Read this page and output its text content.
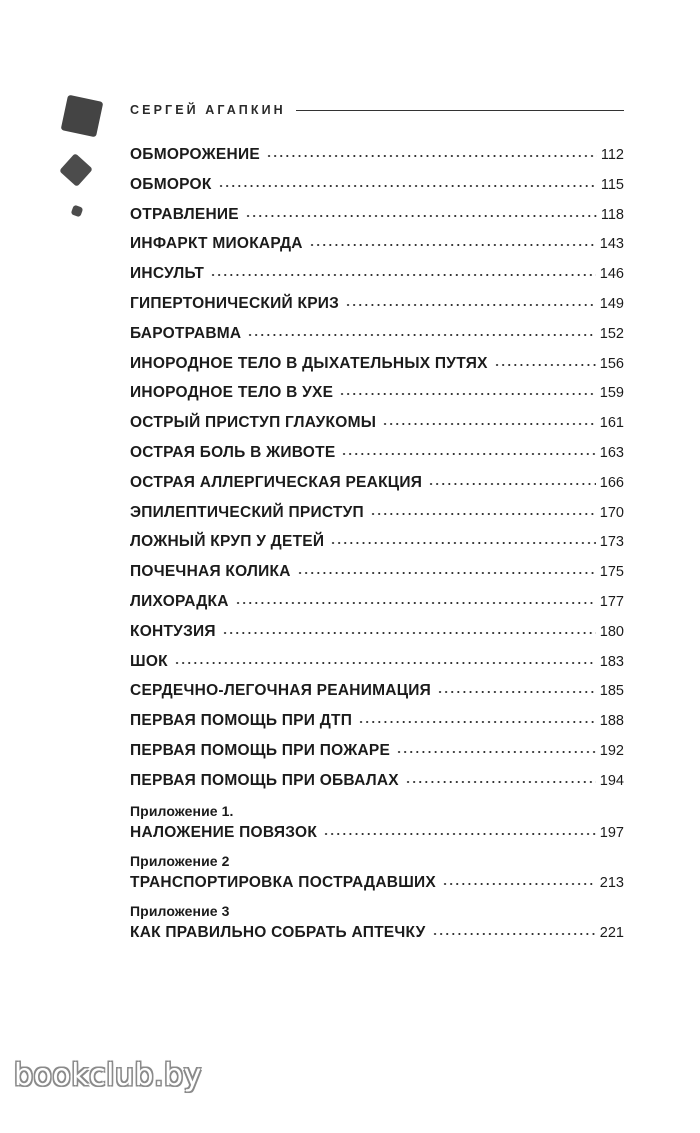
СЕРГЕЙ АГАПКИН
ОБМОРОЖЕНИЕ	112
ОБМОРОК	115
ОТРАВЛЕНИЕ	118
ИНФАРКТ МИОКАРДА	143
ИНСУЛЬТ	146
ГИПЕРТОНИЧЕСКИЙ КРИЗ	149
БАРОТРАВМА	152
ИНОРОДНОЕ ТЕЛО В ДЫХАТЕЛЬНЫХ ПУТЯХ	156
ИНОРОДНОЕ ТЕЛО В УХЕ	159
ОСТРЫЙ ПРИСТУП ГЛАУКОМЫ	161
ОСТРАЯ БОЛЬ В ЖИВОТЕ	163
ОСТРАЯ АЛЛЕРГИЧЕСКАЯ РЕАКЦИЯ	166
ЭПИЛЕПТИЧЕСКИЙ ПРИСТУП	170
ЛОЖНЫЙ КРУП У ДЕТЕЙ	173
ПОЧЕЧНАЯ КОЛИКА	175
ЛИХОРАДКА	177
КОНТУЗИЯ	180
ШОК	183
СЕРДЕЧНО-ЛЕГОЧНАЯ РЕАНИМАЦИЯ	185
ПЕРВАЯ ПОМОЩЬ ПРИ ДТП	188
ПЕРВАЯ ПОМОЩЬ ПРИ ПОЖАРЕ	192
ПЕРВАЯ ПОМОЩЬ ПРИ ОБВАЛАХ	194
Приложение 1.
НАЛОЖЕНИЕ ПОВЯЗОК	197
Приложение 2
ТРАНСПОРТИРОВКА ПОСТРАДАВШИХ	213
Приложение 3
КАК ПРАВИЛЬНО СОБРАТЬ АПТЕЧКУ	221
bookclub.by
